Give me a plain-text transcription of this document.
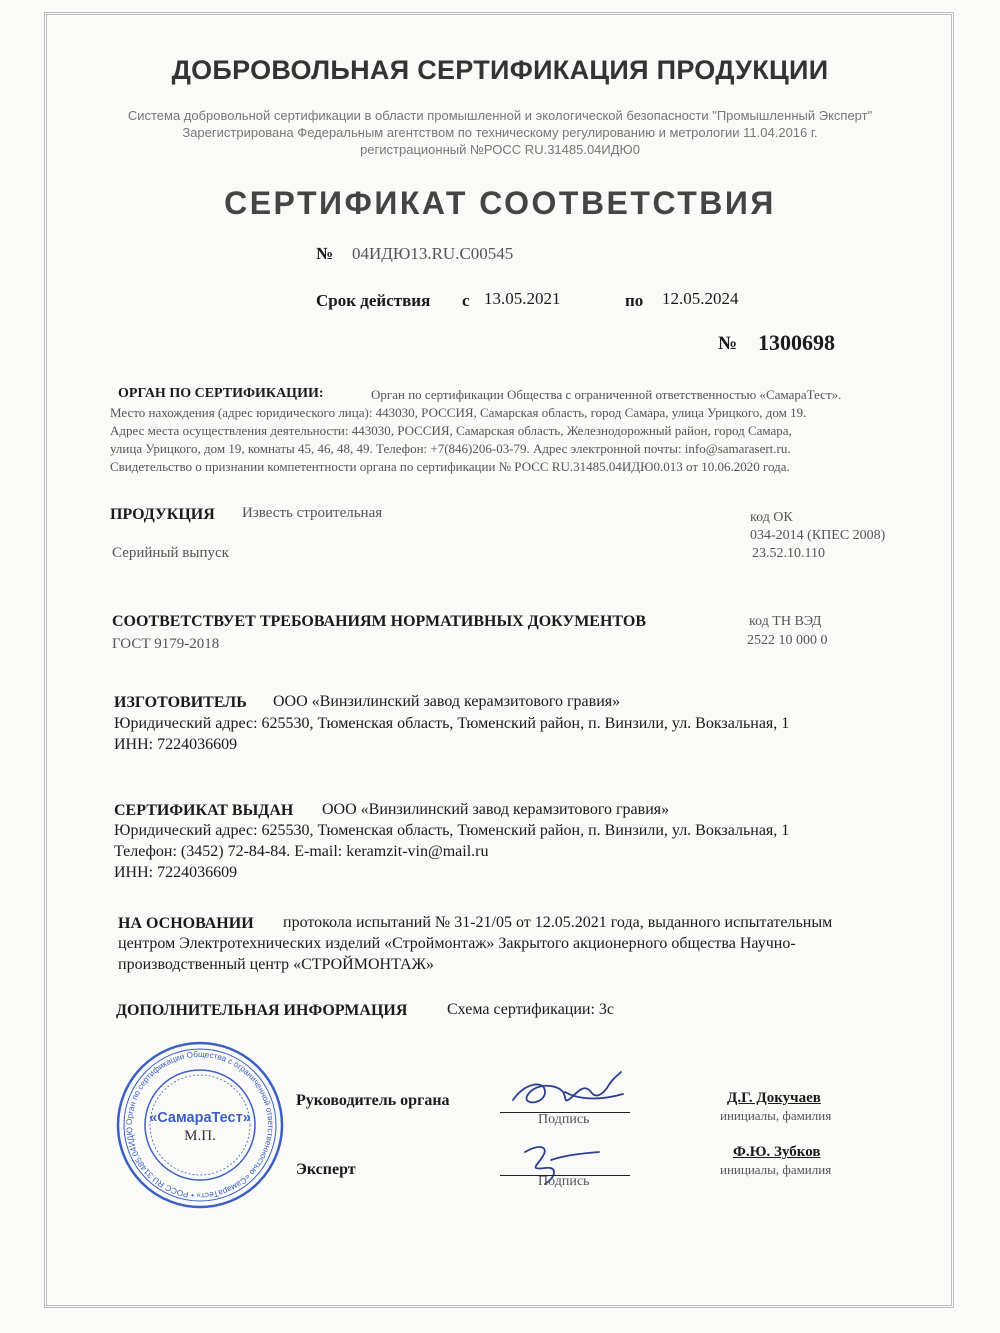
ДОБРОВОЛЬНАЯ СЕРТИФИКАЦИЯ ПРОДУКЦИИ
Система добровольной сертификации в области промышленной и экологической безопасности "Промышленный Эксперт"
Зарегистрирована Федеральным агентством по техническому регулированию и метрологии 11.04.2016 г.
регистрационный №РОСС RU.31485.04ИДЮ0
СЕРТИФИКАТ СООТВЕТСТВИЯ
№ 04ИДЮ13.RU.C00545
Срок действия с 13.05.2021	по 12.05.2024
№ 1300698
ОРГАН ПО СЕРТИФИКАЦИИ:	Орган по сертификации Общества с ограниченной ответственностью «СамараТест».
Место нахождения (адрес юридического лица): 443030, РОССИЯ, Самарская область, город Самара, улица Урицкого, дом 19.
Адрес места осуществления деятельности: 443030, РОССИЯ, Самарская область, Железнодорожный район, город Самара,
улица Урицкого, дом 19, комнаты 45, 46, 48, 49. Телефон: +7(846)206-03-79. Адрес электронной почты: info@samarasert.ru.
Свидетельство о признании компетентности органа по сертификации № РОСС RU.31485.04ИДЮ0.013 от 10.06.2020 года.
ПРОДУКЦИЯ Известь строительная
Серийный выпуск
код ОК
034-2014 (КПЕС 2008)
23.52.10.110
СООТВЕТСТВУЕТ ТРЕБОВАНИЯМ НОРМАТИВНЫХ ДОКУМЕНТОВ
ГОСТ 9179-2018
код ТН ВЭД
2522 10 000 0
ИЗГОТОВИТЕЛЬ ООО «Винзилинский завод керамзитового гравия»
Юридический адрес: 625530, Тюменская область, Тюменский район, п. Винзили, ул. Вокзальная, 1
ИНН: 7224036609
СЕРТИФИКАТ ВЫДАН ООО «Винзилинский завод керамзитового гравия»
Юридический адрес: 625530, Тюменская область, Тюменский район, п. Винзили, ул. Вокзальная, 1
Телефон: (3452) 72-84-84. E-mail: keramzit-vin@mail.ru
ИНН: 7224036609
НА ОСНОВАНИИ протокола испытаний № 31-21/05 от 12.05.2021 года, выданного испытательным
центром Электротехнических изделий «Строймонтаж» Закрытого акционерного общества Научно-
производственный центр «СТРОЙМОНТАЖ»
ДОПОЛНИТЕЛЬНАЯ ИНФОРМАЦИЯ Схема сертификации: 3с
Орган по сертификации Общества с ограниченной ответственностью «СамараТест» • РОСС RU.31485.04ИДЮ
«СамараТест»
М.П.
Руководитель органа
Подпись
Д.Г. Докучаев
инициалы, фамилия
Эксперт
Подпись
Ф.Ю. Зубков
инициалы, фамилия
